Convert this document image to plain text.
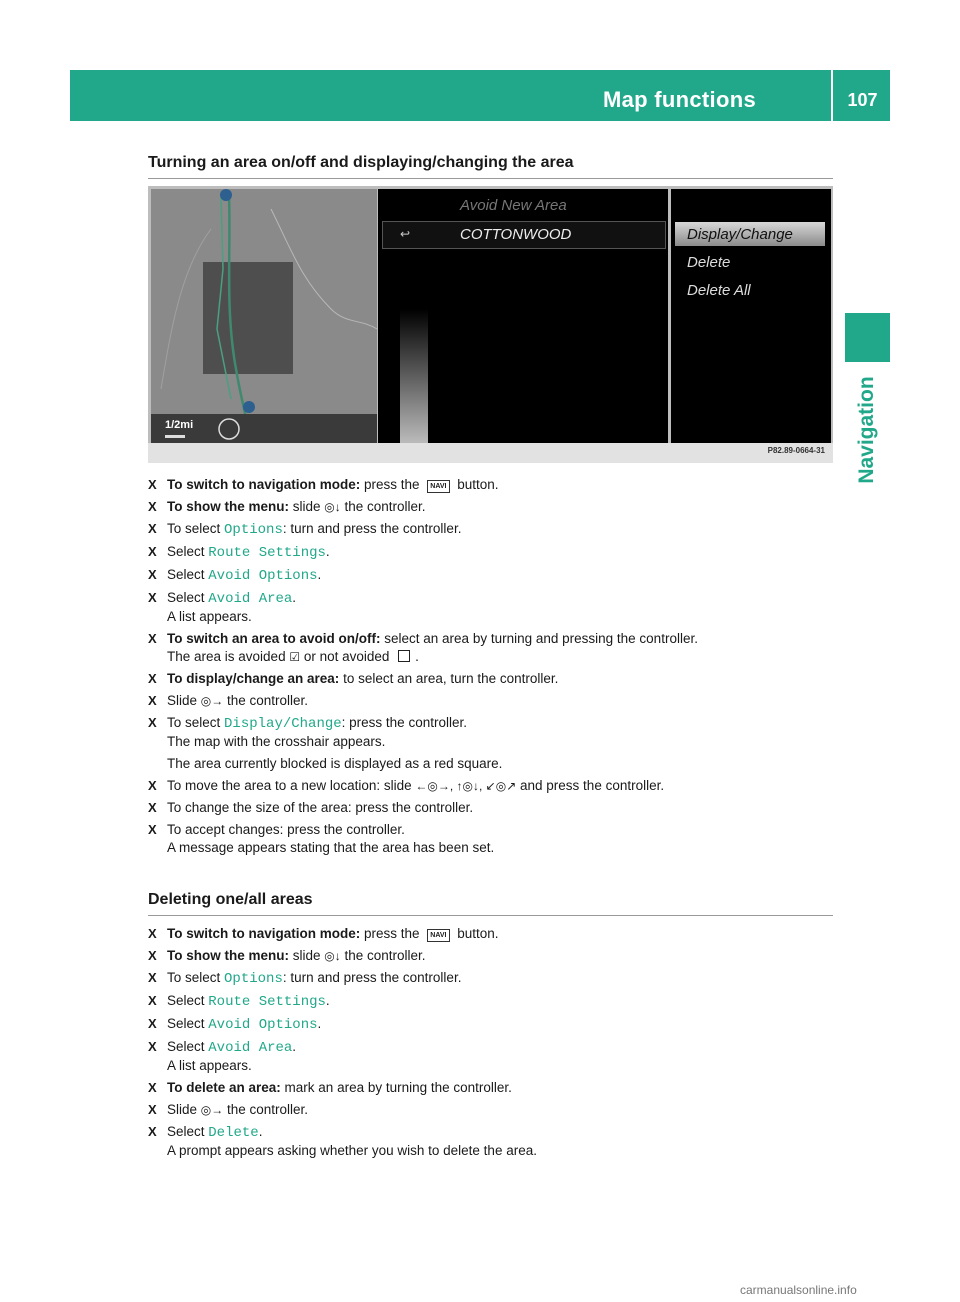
Map functions	107
Navigation
Turning an area on/off and displaying/changing the area
1/2mi
Avoid New Area
↩	COTTONWOOD	Display/Change
Delete
Delete All
P82.89-0664-31
X To switch to navigation mode: press the NAVI button.
X To show the menu: slide ◎↓ the controller.
X To select Options: turn and press the controller.
X Select Route Settings.
X Select Avoid Options.
X Select Avoid Area.
A list appears.
X To switch an area to avoid on/off: select an area by turning and pressing the controller.
The area is avoided ☑ or not avoided .
X To display/change an area: to select an area, turn the controller.
X Slide ◎→ the controller.
X To select Display/Change: press the controller.
The map with the crosshair appears.
The area currently blocked is displayed as a red square.
X To move the area to a new location: slide ←◎→, ↑◎↓, ↙◎↗ and press the controller.
X To change the size of the area: press the controller.
X To accept changes: press the controller.
A message appears stating that the area has been set.
Deleting one/all areas
X To switch to navigation mode: press the NAVI button.
X To show the menu: slide ◎↓ the controller.
X To select Options: turn and press the controller.
X Select Route Settings.
X Select Avoid Options.
X Select Avoid Area.
A list appears.
X To delete an area: mark an area by turning the controller.
X Slide ◎→ the controller.
X Select Delete.
A prompt appears asking whether you wish to delete the area.
carmanualsonline.info
